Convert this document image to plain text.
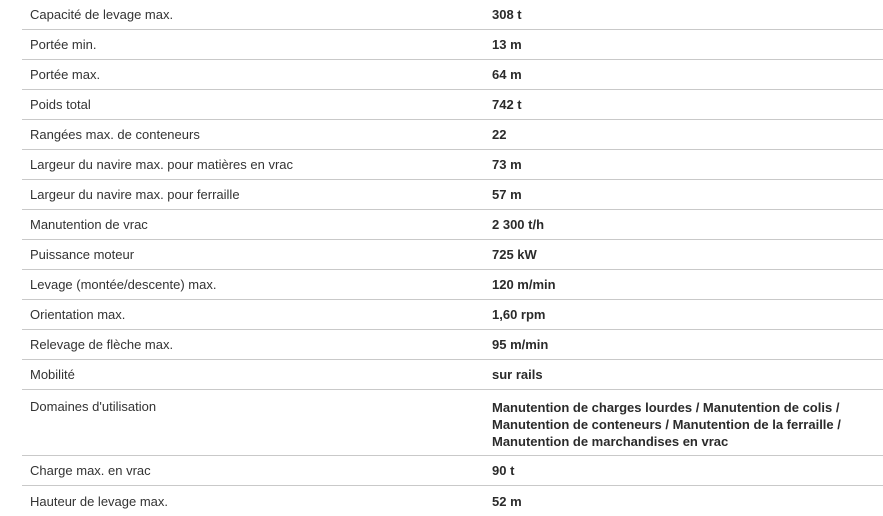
Capacité de levage max.	308 t
Portée min.	13 m
Portée max.	64 m
Poids total	742 t
Rangées max. de conteneurs	22
Largeur du navire max. pour matières en vrac	73 m
Largeur du navire max. pour ferraille	57 m
Manutention de vrac	2 300 t/h
Puissance moteur	725 kW
Levage (montée/descente) max.	120 m/min
Orientation max.	1,60 rpm
Relevage de flèche max.	95 m/min
Mobilité	sur rails
Domaines d'utilisation	Manutention de charges lourdes / Manutention de colis / Manutention de conteneurs / Manutention de la ferraille / Manutention de marchandises en vrac
Charge max. en vrac	90 t
Hauteur de levage max.	52 m
